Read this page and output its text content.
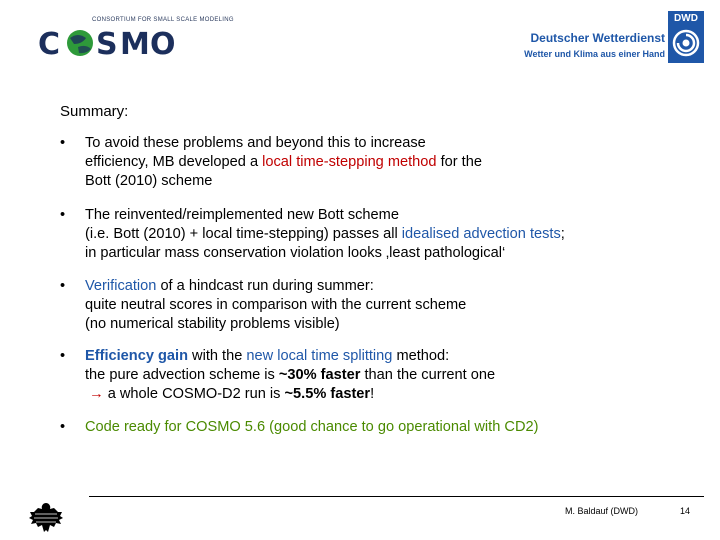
C S M O
CONSORTIUM FOR SMALL SCALE MODELING
Deutscher Wetterdienst
Wetter und Klima aus einer Hand
DWD
Summary:
•	To avoid these problems and beyond this to increase
efficiency, MB developed a local time-stepping method for the
Bott (2010) scheme
•	The reinvented/reimplemented new Bott scheme
(i.e. Bott (2010) + local time-stepping) passes all idealised advection tests;
in particular mass conservation violation looks ‚least pathological‘
•	Verification of a hindcast run during summer:
quite neutral scores in comparison with the current scheme
(no numerical stability problems visible)
•	Efficiency gain with the new local time splitting method:
the pure advection scheme is ~30% faster than the current one
→ a whole COSMO-D2 run is ~5.5% faster!
•	Code ready for COSMO 5.6 (good chance to go operational with CD2)
M. Baldauf (DWD)	14
